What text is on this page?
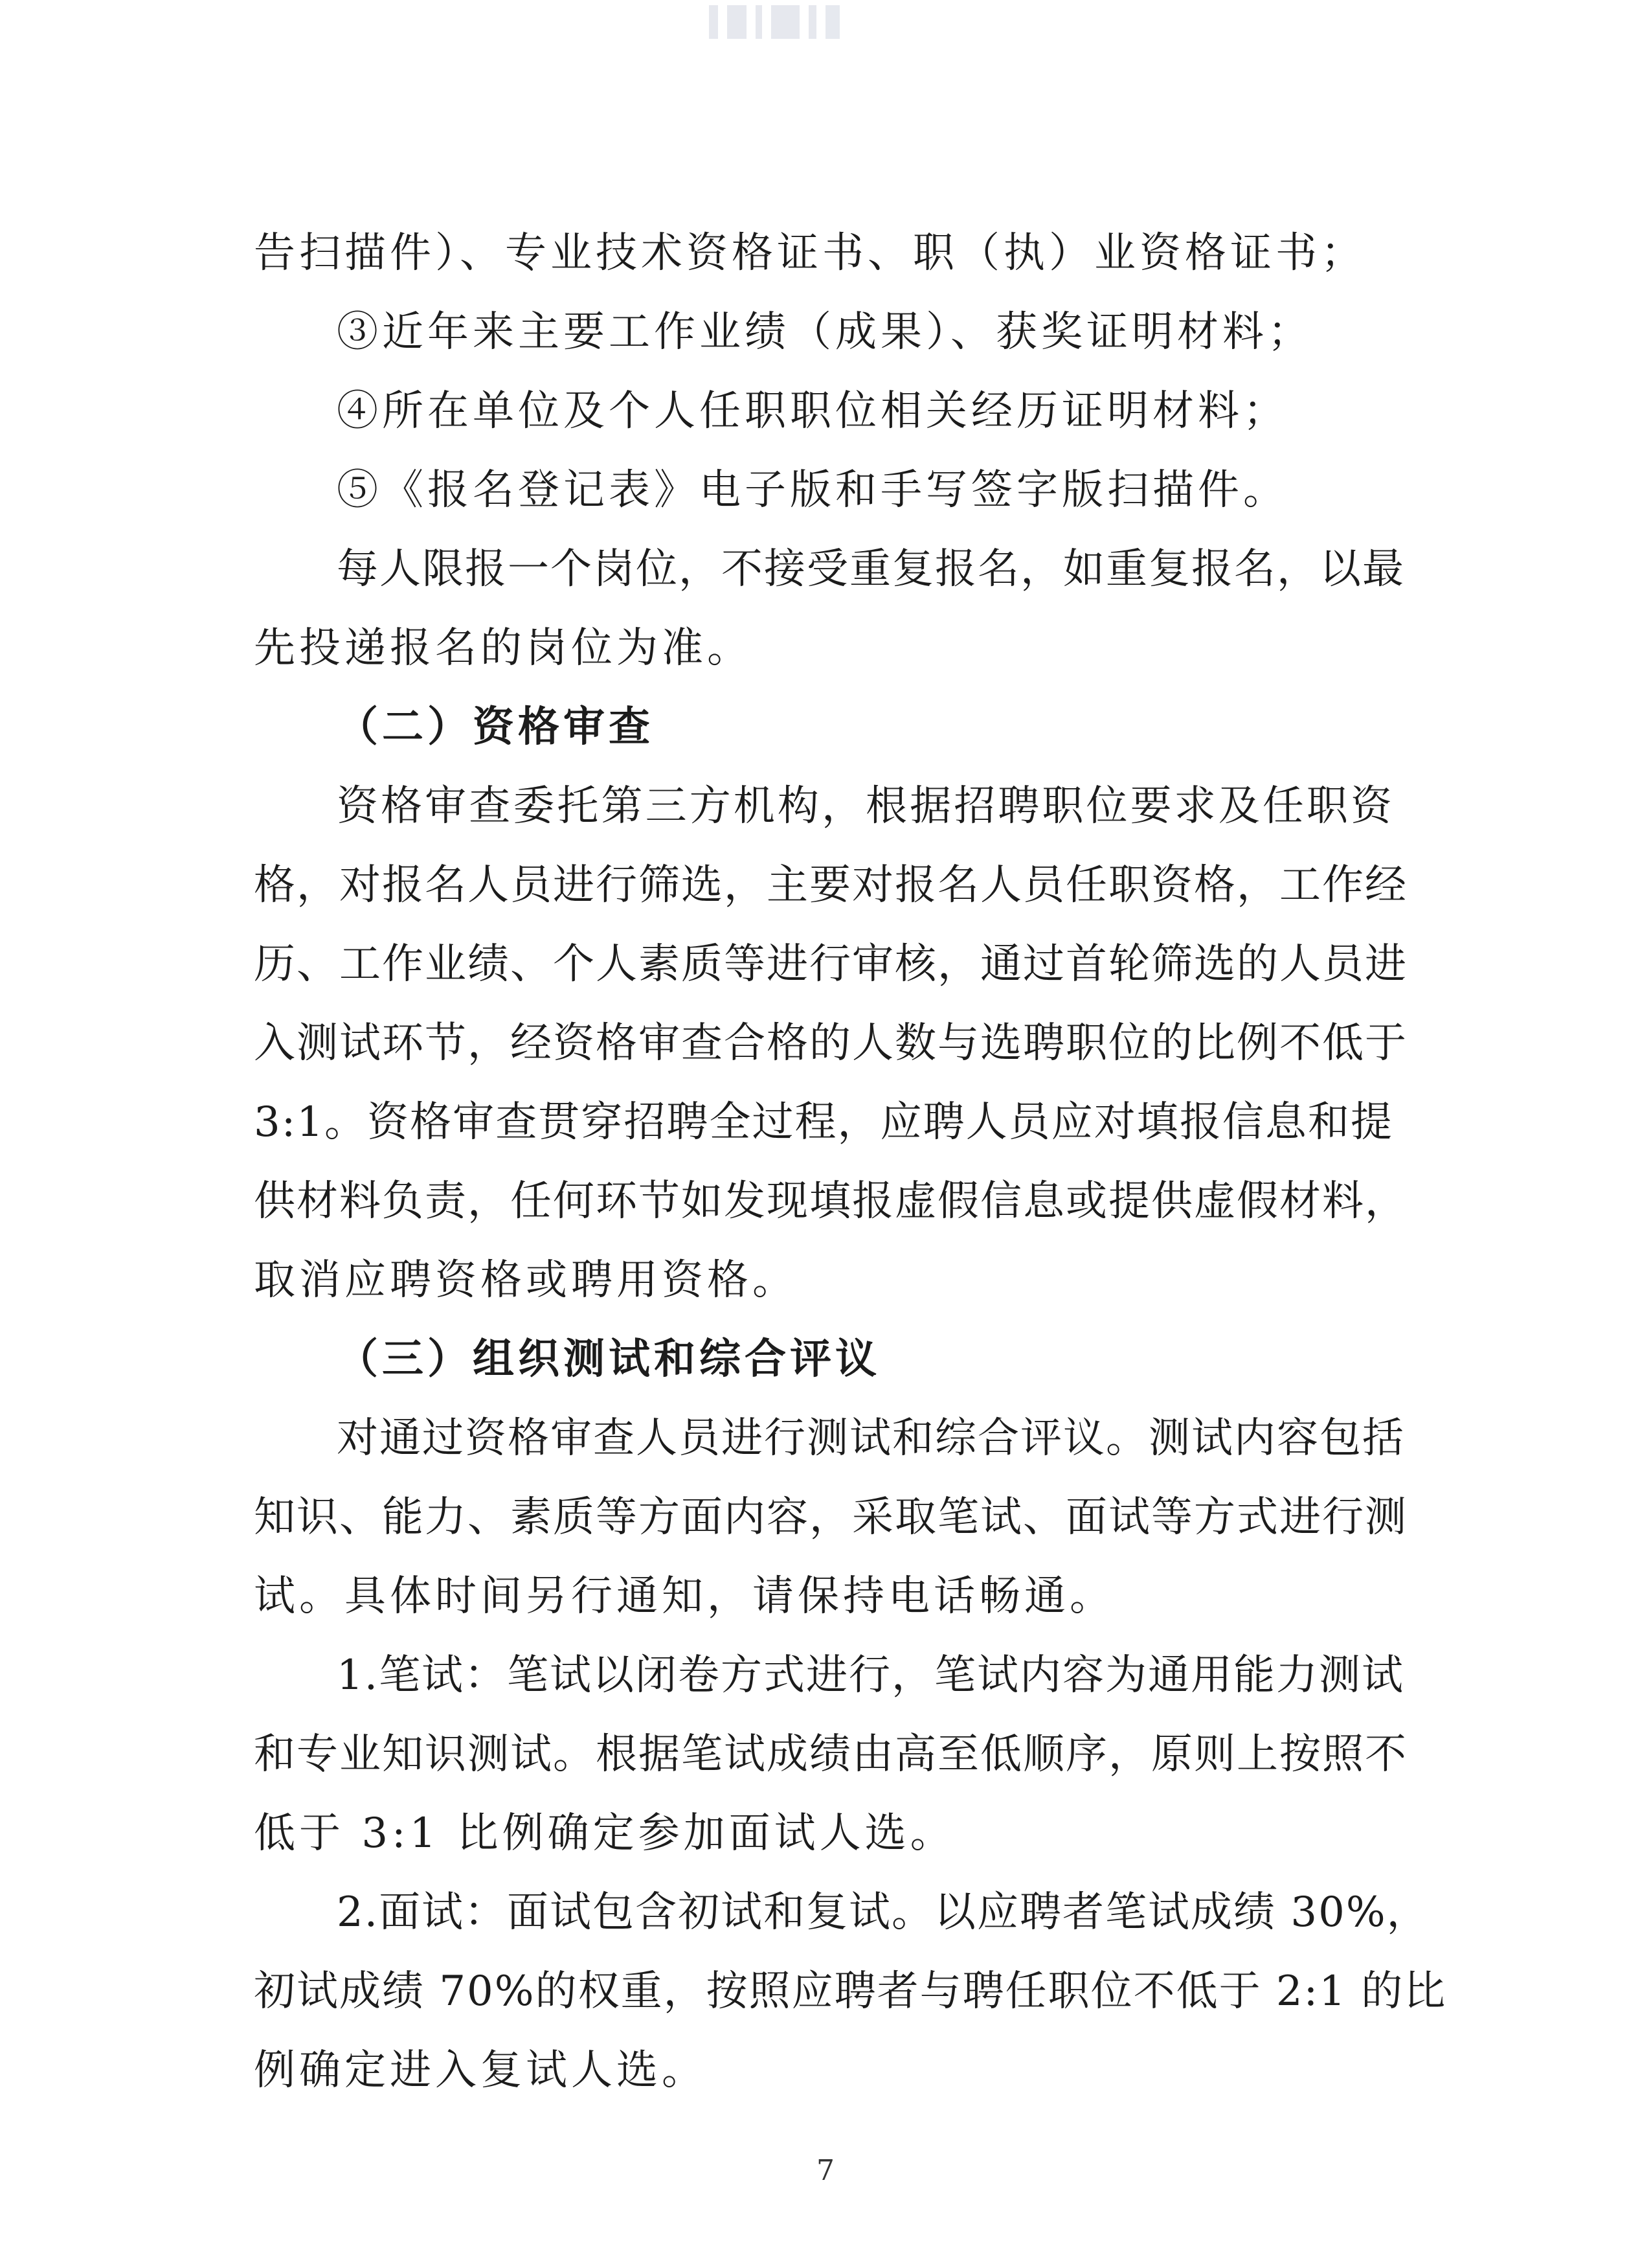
告扫描件）、专业技术资格证书、职（执）业资格证书；
③近年来主要工作业绩（成果）、获奖证明材料；
④所在单位及个人任职职位相关经历证明材料；
⑤《报名登记表》电子版和手写签字版扫描件。
每人限报一个岗位，不接受重复报名，如重复报名，以最
先投递报名的岗位为准。
（二）资格审查
资格审查委托第三方机构，根据招聘职位要求及任职资
格，对报名人员进行筛选，主要对报名人员任职资格，工作经
历、工作业绩、个人素质等进行审核，通过首轮筛选的人员进
入测试环节，经资格审查合格的人数与选聘职位的比例不低于
3:1。资格审查贯穿招聘全过程，应聘人员应对填报信息和提
供材料负责，任何环节如发现填报虚假信息或提供虚假材料，
取消应聘资格或聘用资格。
（三）组织测试和综合评议
对通过资格审查人员进行测试和综合评议。测试内容包括
知识、能力、素质等方面内容，采取笔试、面试等方式进行测
试。具体时间另行通知，请保持电话畅通。
1.笔试：笔试以闭卷方式进行，笔试内容为通用能力测试
和专业知识测试。根据笔试成绩由高至低顺序，原则上按照不
低于 3:1 比例确定参加面试人选。
2.面试：面试包含初试和复试。以应聘者笔试成绩 30%，
初试成绩 70%的权重，按照应聘者与聘任职位不低于 2:1 的比
例确定进入复试人选。
7
